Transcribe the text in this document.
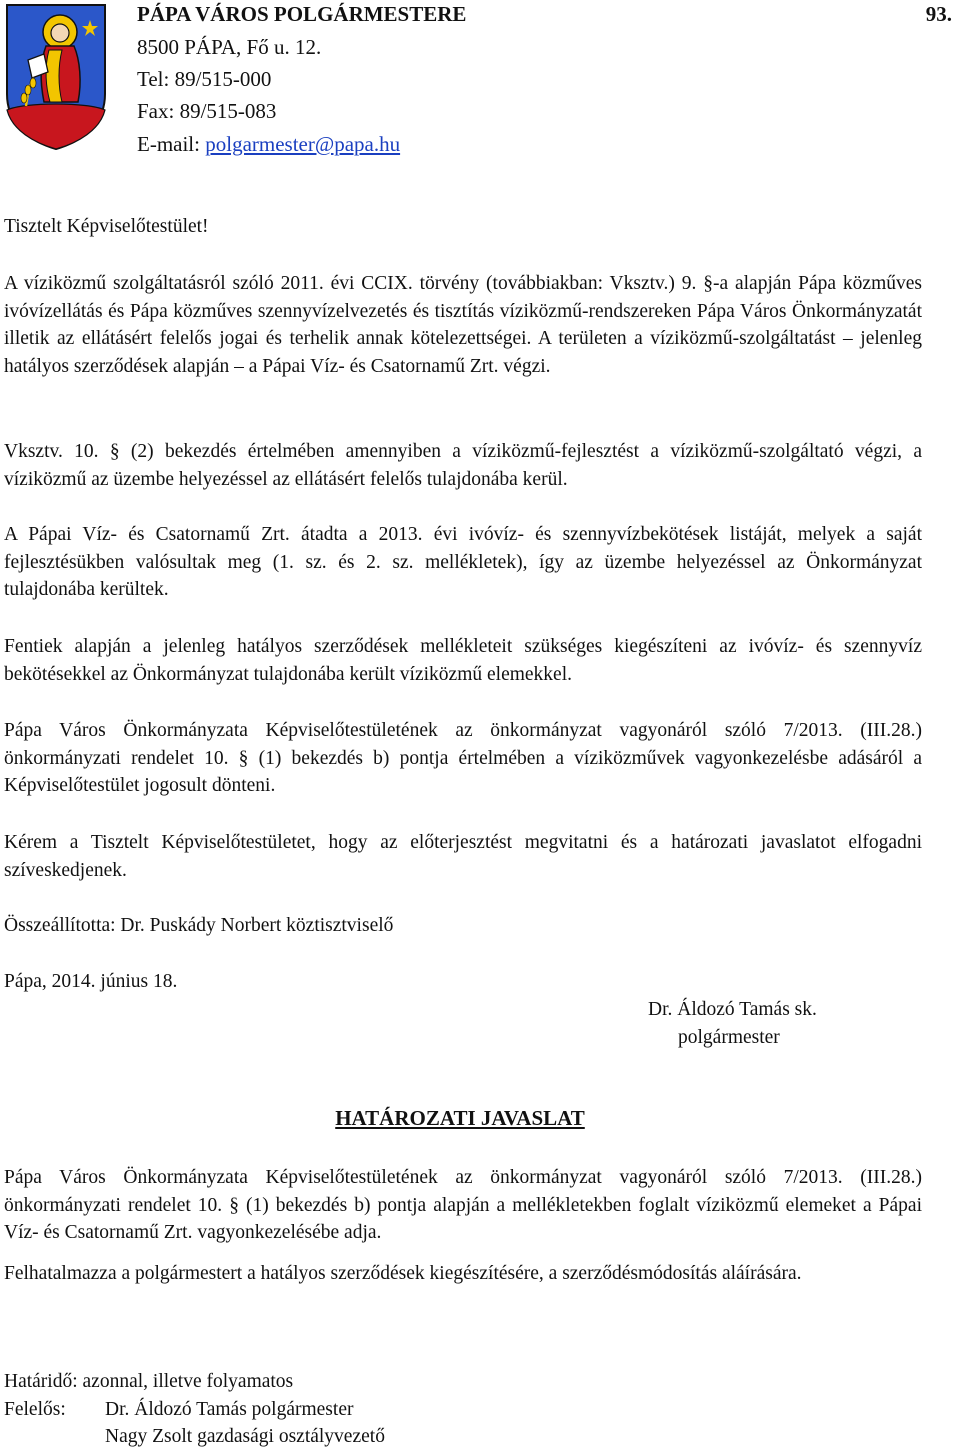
PÁPA VÁROS POLGÁRMESTERE
8500 PÁPA, Fő u. 12.
Tel: 89/515-000
Fax: 89/515-083
E-mail: polgarmester@papa.hu
93.
Tisztelt Képviselőtestület!

A víziközmű szolgáltatásról szóló 2011. évi CCIX. törvény (továbbiakban: Vksztv.) 9. §-a alapján Pápa közműves ivóvízellátás és Pápa közműves szennyvízelvezetés és tisztítás víziközmű-rendszereken Pápa Város Önkormányzatát illetik az ellátásért felelős jogai és terhelik annak kötelezettségei. A területen a víziközmű-szolgáltatást – jelenleg hatályos szerződések alapján – a Pápai Víz- és Csatornamű Zrt. végzi.

Vksztv. 10. § (2) bekezdés értelmében amennyiben a víziközmű-fejlesztést a víziközmű-szolgáltató végzi, a víziközmű az üzembe helyezéssel az ellátásért felelős tulajdonába kerül.

A Pápai Víz- és Csatornamű Zrt. átadta a 2013. évi ivóvíz- és szennyvízbekötések listáját, melyek a saját fejlesztésükben valósultak meg (1. sz. és 2. sz. mellékletek), így az üzembe helyezéssel az Önkormányzat tulajdonába kerültek.

Fentiek alapján a jelenleg hatályos szerződések mellékleteit szükséges kiegészíteni az ivóvíz- és szennyvíz bekötésekkel az Önkormányzat tulajdonába került víziközmű elemekkel.

Pápa Város Önkormányzata Képviselőtestületének az önkormányzat vagyonáról szóló 7/2013. (III.28.) önkormányzati rendelet 10. § (1) bekezdés b) pontja értelmében a víziközművek vagyonkezelésbe adásáról a Képviselőtestület jogosult dönteni.

Kérem a Tisztelt Képviselőtestületet, hogy az előterjesztést megvitatni és a határozati javaslatot elfogadni szíveskedjenek.

Összeállította: Dr. Puskády Norbert köztisztviselő
Pápa, 2014. június 18.
Dr. Áldozó Tamás sk.
polgármester
HATÁROZATI JAVASLAT

Pápa Város Önkormányzata Képviselőtestületének az önkormányzat vagyonáról szóló 7/2013. (III.28.) önkormányzati rendelet 10. § (1) bekezdés b) pontja alapján a mellékletekben foglalt víziközmű elemeket a Pápai Víz- és Csatornamű Zrt. vagyonkezelésébe adja.

Felhatalmazza a polgármestert a hatályos szerződések kiegészítésére, a szerződésmódosítás aláírására.

Határidő: azonnal, illetve folyamatos
Felelős: Dr. Áldozó Tamás polgármester
Nagy Zsolt gazdasági osztályvezető
